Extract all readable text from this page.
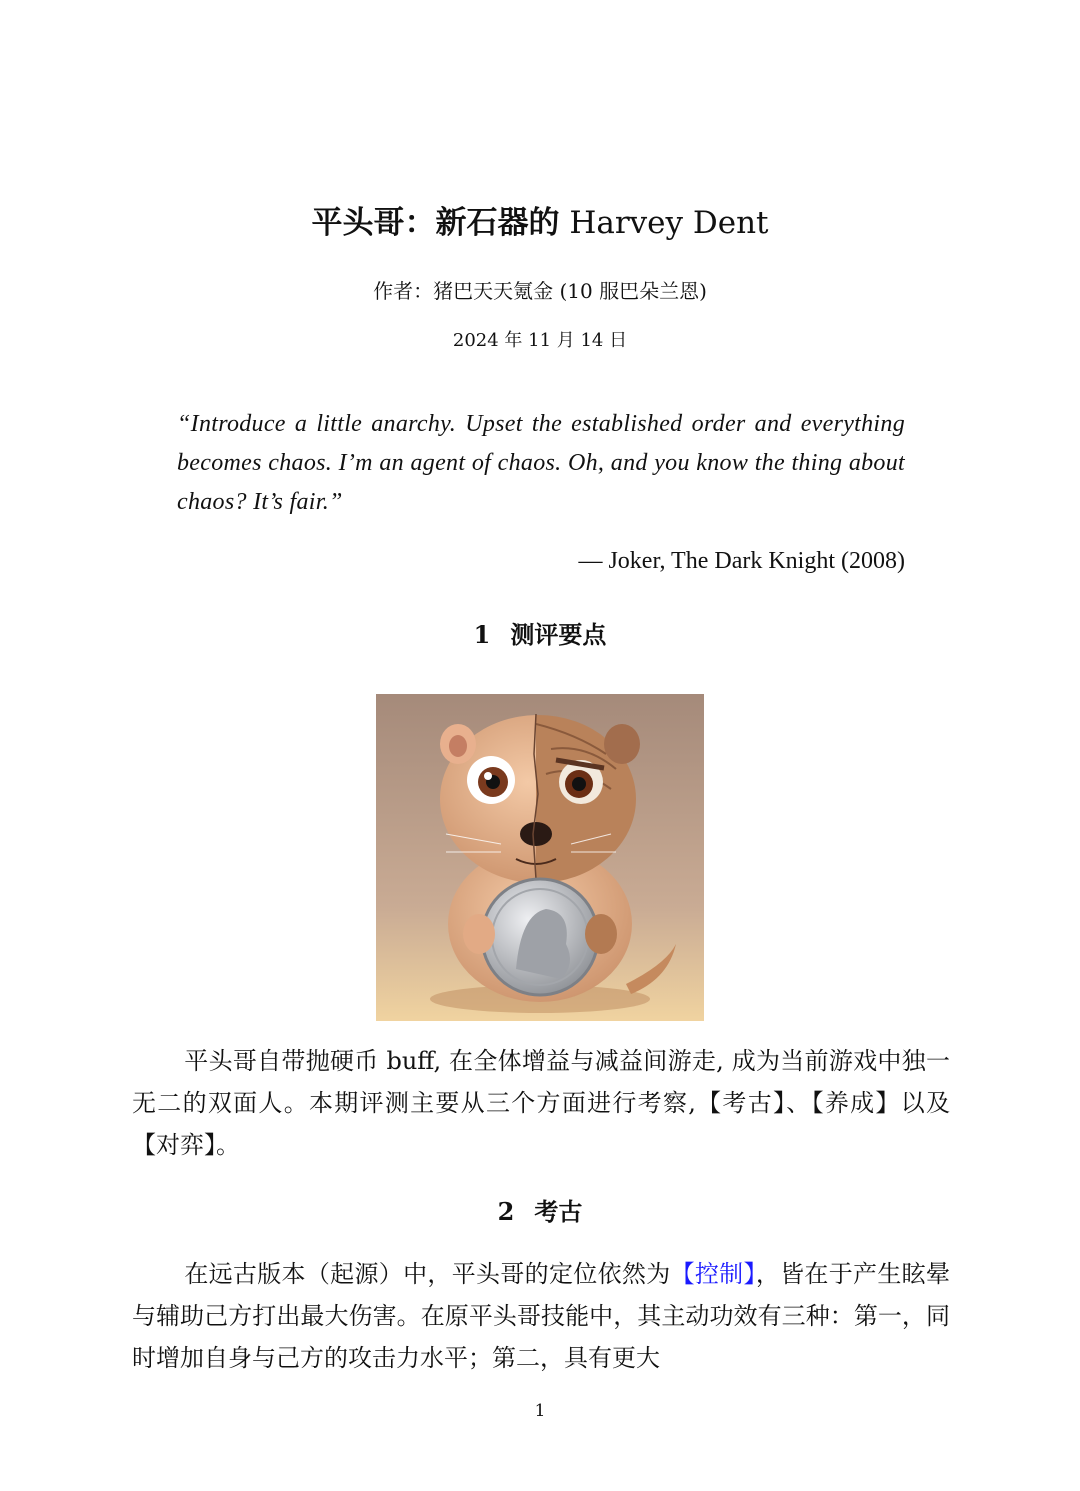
平头哥：新石器的 Harvey Dent
作者：猪巴天天氪金 (10 服巴朵兰恩)
2024 年 11 月 14 日
“Introduce a little anarchy. Upset the established order and everything becomes chaos. I’m an agent of chaos. Oh, and you know the thing about chaos? It’s fair.”
— Joker, The Dark Knight (2008)
1 测评要点
平头哥自带抛硬币 buff, 在全体增益与减益间游走, 成为当前游戏中独一无二的双面人。本期评测主要从三个方面进行考察,【考古】、【养成】以及【对弈】。
2 考古
在远古版本（起源）中，平头哥的定位依然为【控制】，皆在于产生眩晕与辅助己方打出最大伤害。在原平头哥技能中，其主动功效有三种：第一，同时增加自身与己方的攻击力水平；第二，具有更大
1
